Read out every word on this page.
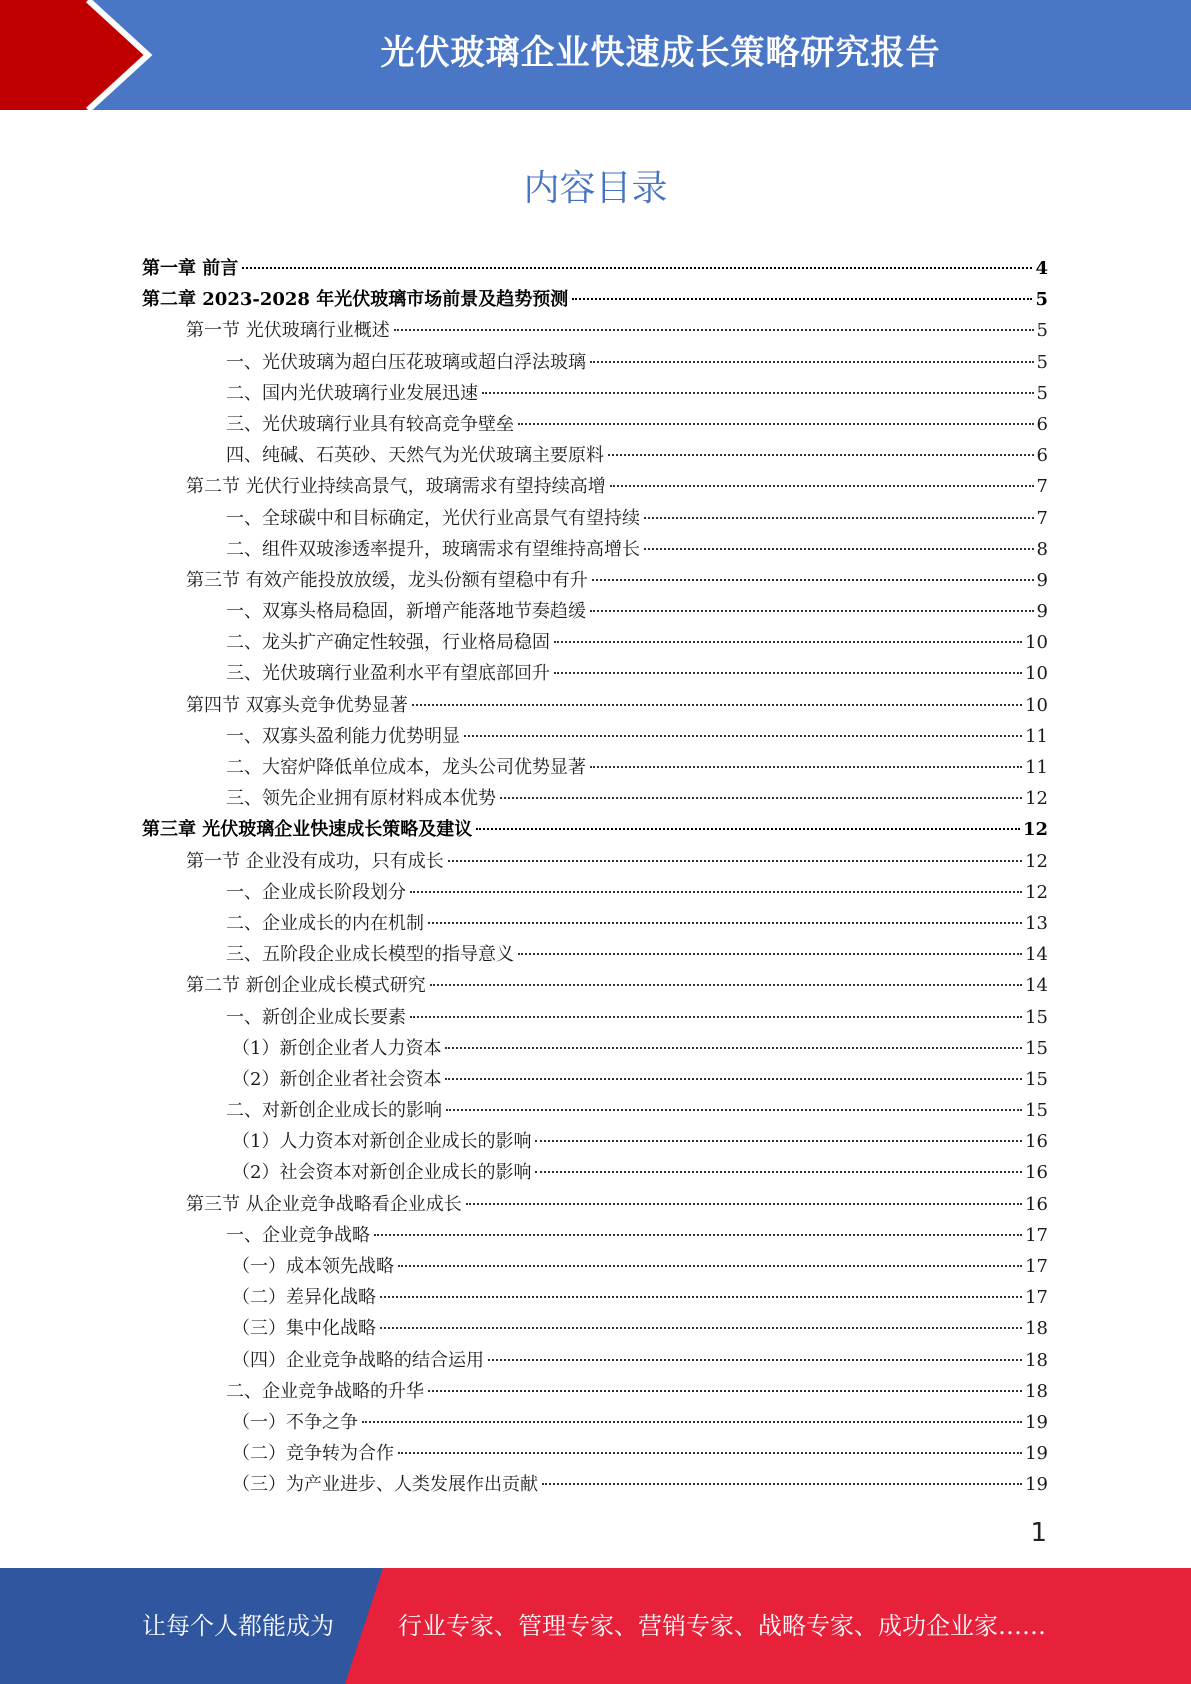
光伏玻璃企业快速成长策略研究报告
内容目录
第一章 前言	4
第二章 2023-2028 年光伏玻璃市场前景及趋势预测	5
第一节 光伏玻璃行业概述	5
一、光伏玻璃为超白压花玻璃或超白浮法玻璃	5
二、国内光伏玻璃行业发展迅速	5
三、光伏玻璃行业具有较高竞争壁垒	6
四、纯碱、石英砂、天然气为光伏玻璃主要原料	6
第二节 光伏行业持续高景气，玻璃需求有望持续高增	7
一、全球碳中和目标确定，光伏行业高景气有望持续	7
二、组件双玻渗透率提升，玻璃需求有望维持高增长	8
第三节 有效产能投放放缓，龙头份额有望稳中有升	9
一、双寡头格局稳固，新增产能落地节奏趋缓	9
二、龙头扩产确定性较强，行业格局稳固	10
三、光伏玻璃行业盈利水平有望底部回升	10
第四节 双寡头竞争优势显著	10
一、双寡头盈利能力优势明显	11
二、大窑炉降低单位成本，龙头公司优势显著	11
三、领先企业拥有原材料成本优势	12
第三章 光伏玻璃企业快速成长策略及建议	12
第一节 企业没有成功，只有成长	12
一、企业成长阶段划分	12
二、企业成长的内在机制	13
三、五阶段企业成长模型的指导意义	14
第二节 新创企业成长模式研究	14
一、新创企业成长要素	15
（1）新创企业者人力资本	15
（2）新创企业者社会资本	15
二、对新创企业成长的影响	15
（1）人力资本对新创企业成长的影响	16
（2）社会资本对新创企业成长的影响	16
第三节 从企业竞争战略看企业成长	16
一、企业竞争战略	17
（一）成本领先战略	17
（二）差异化战略	17
（三）集中化战略	18
（四）企业竞争战略的结合运用	18
二、企业竞争战略的升华	18
（一）不争之争	19
（二）竞争转为合作	19
（三）为产业进步、人类发展作出贡献	19
1
让每个人都能成为	行业专家、管理专家、营销专家、战略专家、成功企业家……
